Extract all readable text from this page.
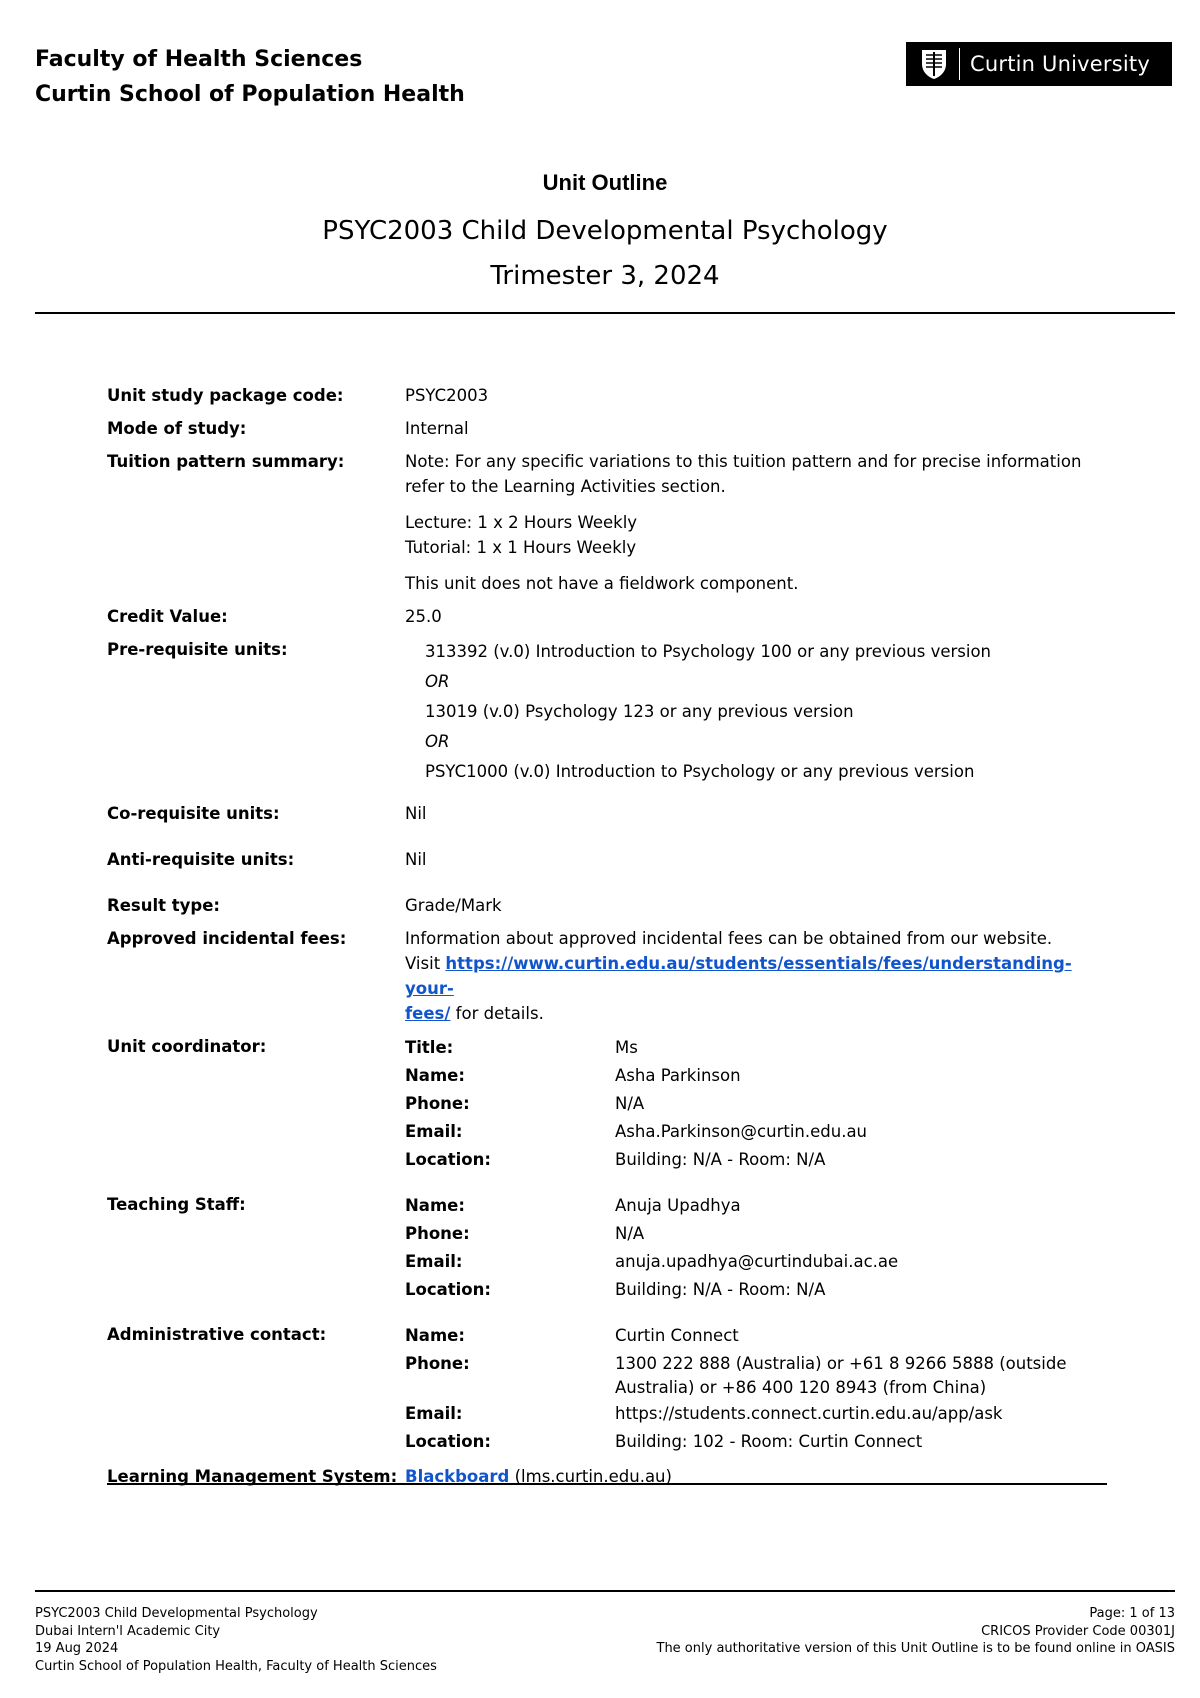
Faculty of Health Sciences
Curtin School of Population Health
Curtin University
Unit Outline
PSYC2003 Child Developmental Psychology
Trimester 3, 2024
Unit study package code:	PSYC2003
Mode of study:	Internal
Tuition pattern summary:	Note: For any specific variations to this tuition pattern and for precise information refer to the Learning Activities section.

Lecture: 1 x 2 Hours Weekly

Tutorial: 1 x 1 Hours Weekly

This unit does not have a fieldwork component.

Credit Value:	25.0
Pre-requisite units:	313392 (v.0) Introduction to Psychology 100 or any previous version

OR

13019 (v.0) Psychology 123 or any previous version

OR

PSYC1000 (v.0) Introduction to Psychology or any previous version

Co-requisite units:	Nil
Anti-requisite units:	Nil
Result type:	Grade/Mark
Approved incidental fees:	Information about approved incidental fees can be obtained from our website.

Visit https://www.curtin.edu.au/students/essentials/fees/understanding-your-

fees/ for details.

Unit coordinator:	Title:	Ms
Name:	Asha Parkinson
Phone:	N/A
Email:	Asha.Parkinson@curtin.edu.au
Location:	Building: N/A - Room: N/A
Teaching Staff:	Name:	Anuja Upadhya
Phone:	N/A
Email:	anuja.upadhya@curtindubai.ac.ae
Location:	Building: N/A - Room: N/A
Administrative contact:	Name:	Curtin Connect
Phone:	1300 222 888 (Australia) or +61 8 9266 5888 (outside
Australia) or +86 400 120 8943 (from China)
Email:	https://students.connect.curtin.edu.au/app/ask
Location:	Building: 102 - Room: Curtin Connect
Learning Management System: Blackboard (lms.curtin.edu.au)
PSYC2003 Child Developmental Psychology
Dubai Intern'l Academic City
19 Aug 2024
Curtin School of Population Health, Faculty of Health Sciences
Page: 1 of 13
CRICOS Provider Code 00301J
The only authoritative version of this Unit Outline is to be found online in OASIS
